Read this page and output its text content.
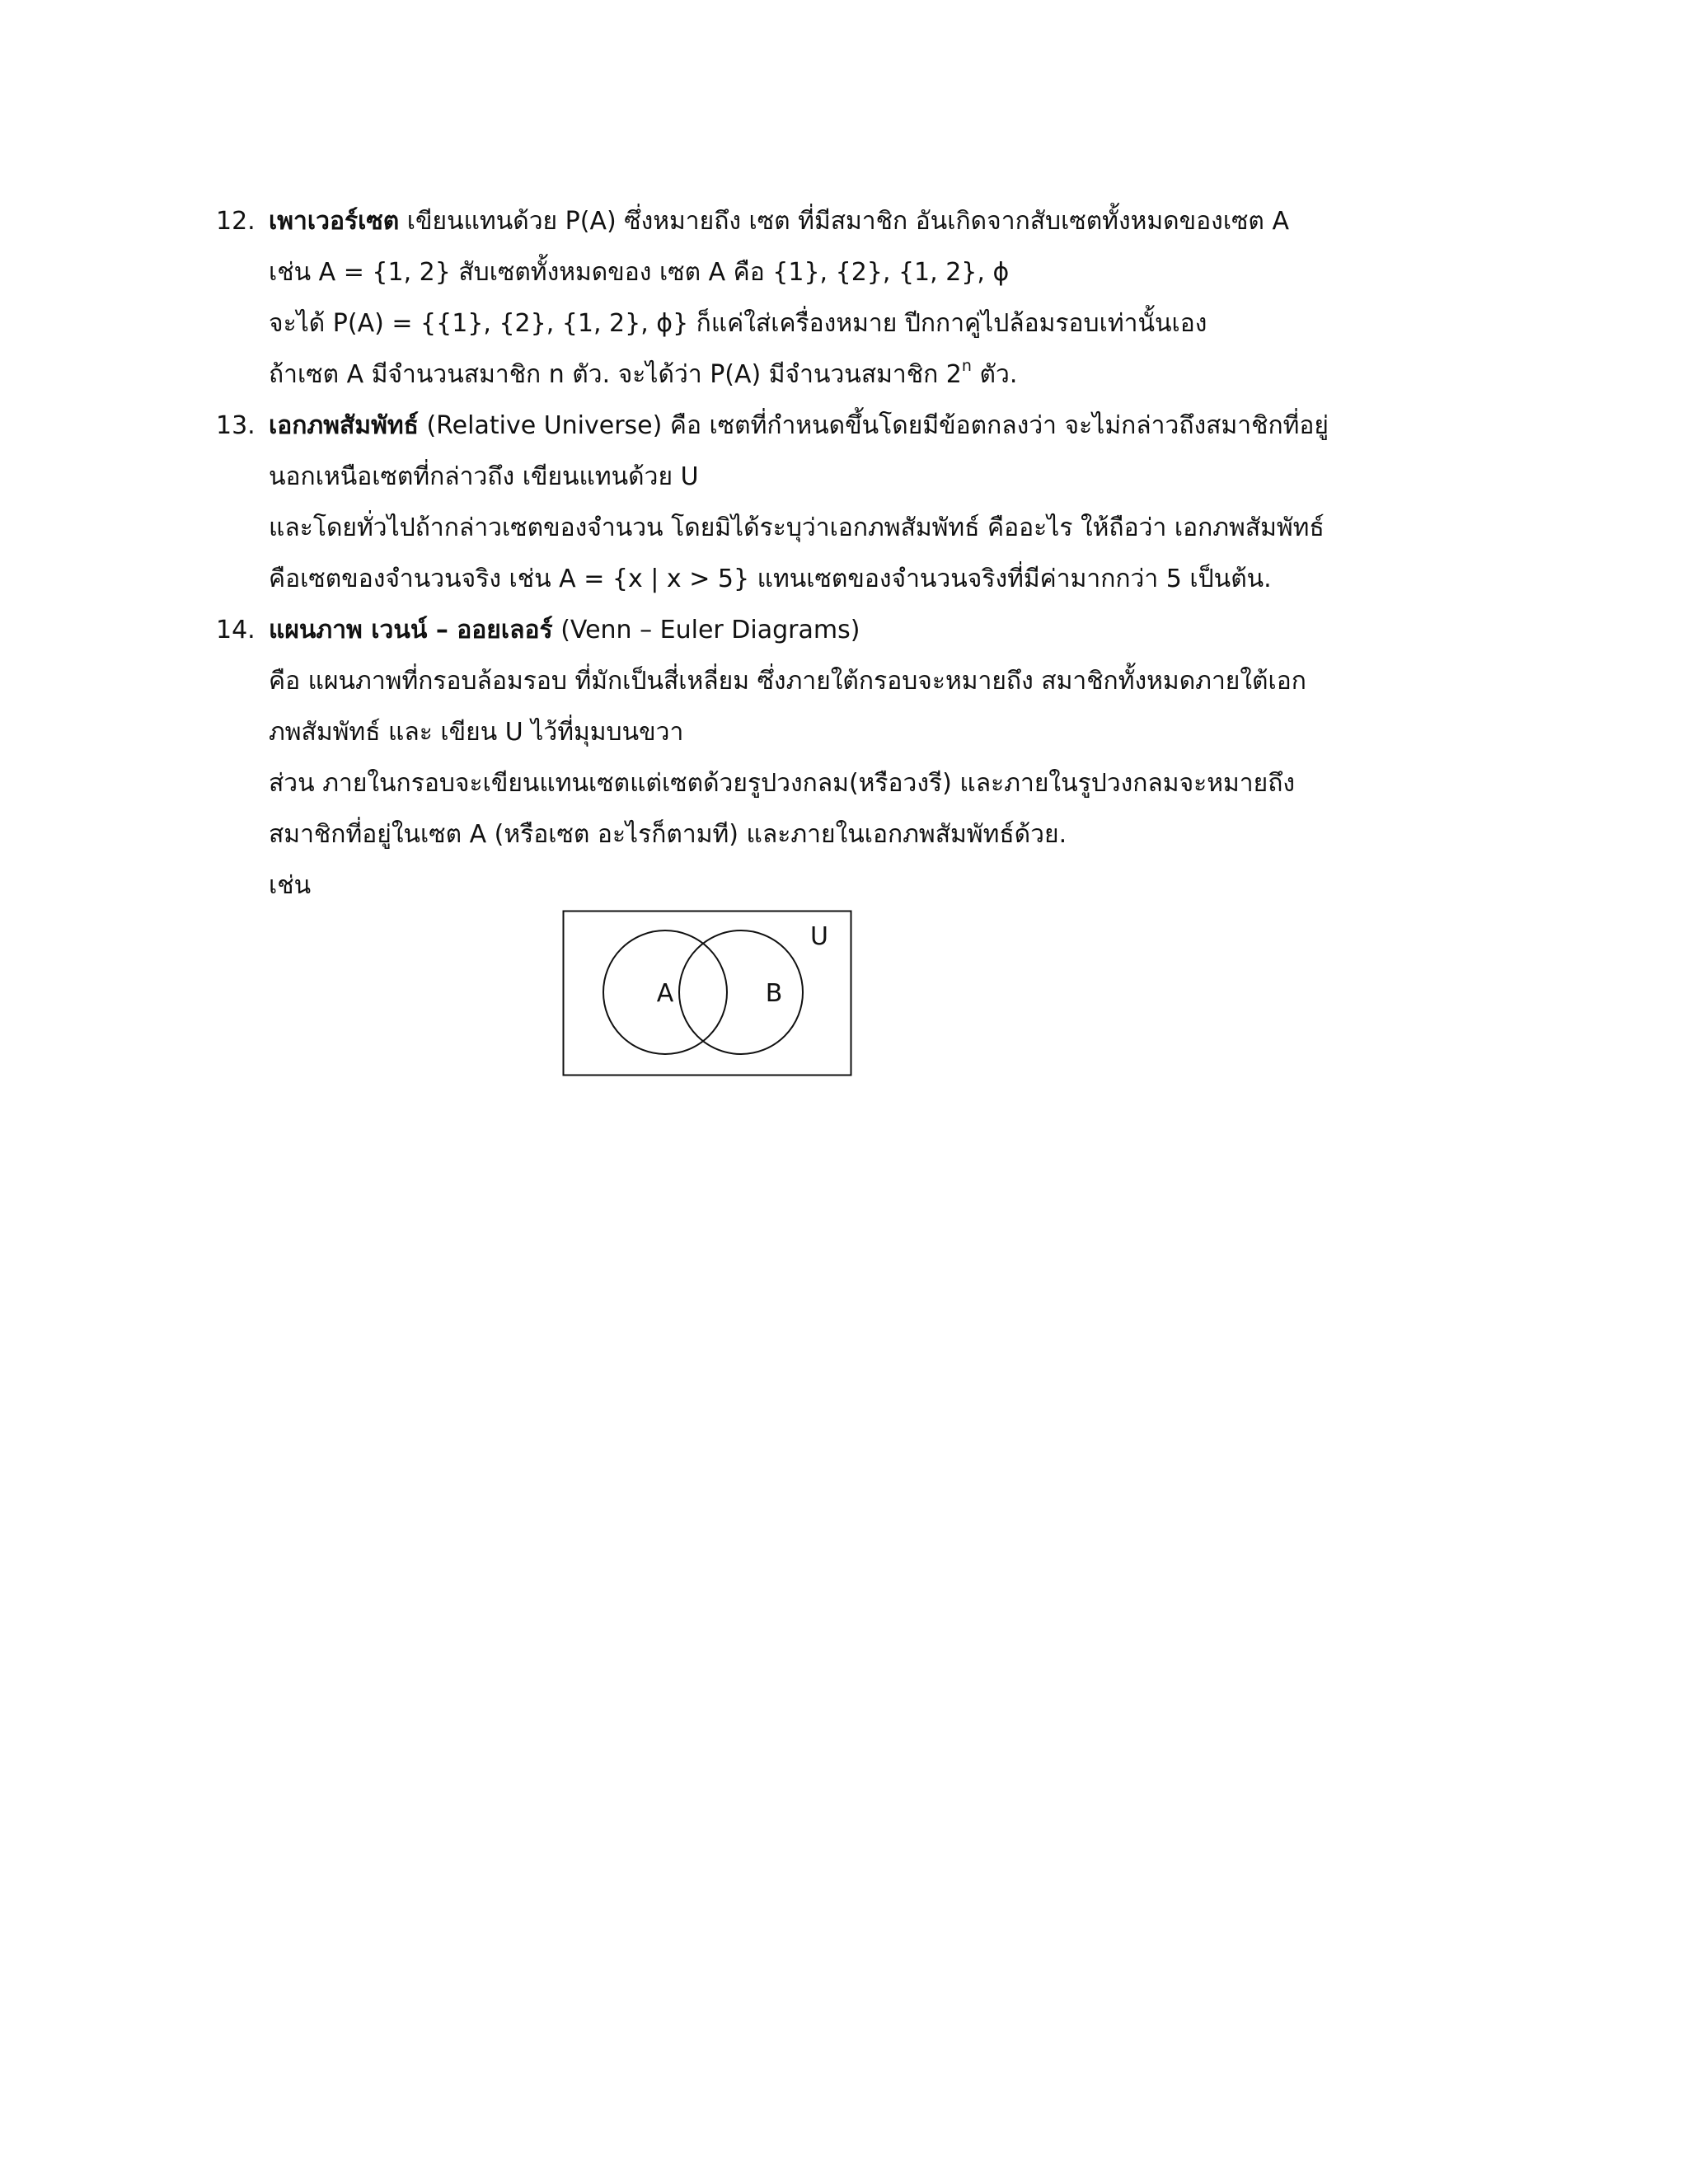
12. เพาเวอร์เซต เขียนแทนด้วย P(A) ซึ่งหมายถึง เซต ที่มีสมาชิก อันเกิดจากสับเซตทั้งหมดของเซต A
เช่น A = {1, 2} สับเซตทั้งหมดของ เซต A คือ {1}, {2}, {1, 2}, ϕ
จะได้ P(A) = {{1}, {2}, {1, 2}, ϕ} ก็แค่ใส่เครื่องหมาย ปีกกาคู่ไปล้อมรอบเท่านั้นเอง
ถ้าเซต A มีจำนวนสมาชิก n ตัว. จะได้ว่า P(A) มีจำนวนสมาชิก 2$^n$ ตัว.
13. เอกภพสัมพัทธ์ (Relative Universe) คือ เซตที่กำหนดขึ้นโดยมีข้อตกลงว่า จะไม่กล่าวถึงสมาชิกที่อยู่
นอกเหนือเซตที่กล่าวถึง เขียนแทนด้วย U
และโดยทั่วไปถ้ากล่าวเซตของจำนวน โดยมิได้ระบุว่าเอกภพสัมพัทธ์ คืออะไร ให้ถือว่า เอกภพสัมพัทธ์
คือเซตของจำนวนจริง เช่น A = {x | x > 5} แทนเซตของจำนวนจริงที่มีค่ามากกว่า 5 เป็นต้น.
14. แผนภาพ เวนน์ – ออยเลอร์ (Venn – Euler Diagrams)
คือ แผนภาพที่กรอบล้อมรอบ ที่มักเป็นสี่เหลี่ยม ซึ่งภายใต้กรอบจะหมายถึง สมาชิกทั้งหมดภายใต้เอก
ภพสัมพัทธ์ และ เขียน U ไว้ที่มุมบนขวา
ส่วน ภายในกรอบจะเขียนแทนเซตแต่เซตด้วยรูปวงกลม(หรือวงรี) และภายในรูปวงกลมจะหมายถึง
สมาชิกที่อยู่ในเซต A (หรือเซต อะไรก็ตามที) และภายในเอกภพสัมพัทธ์ด้วย.
เช่น
U
A	B
